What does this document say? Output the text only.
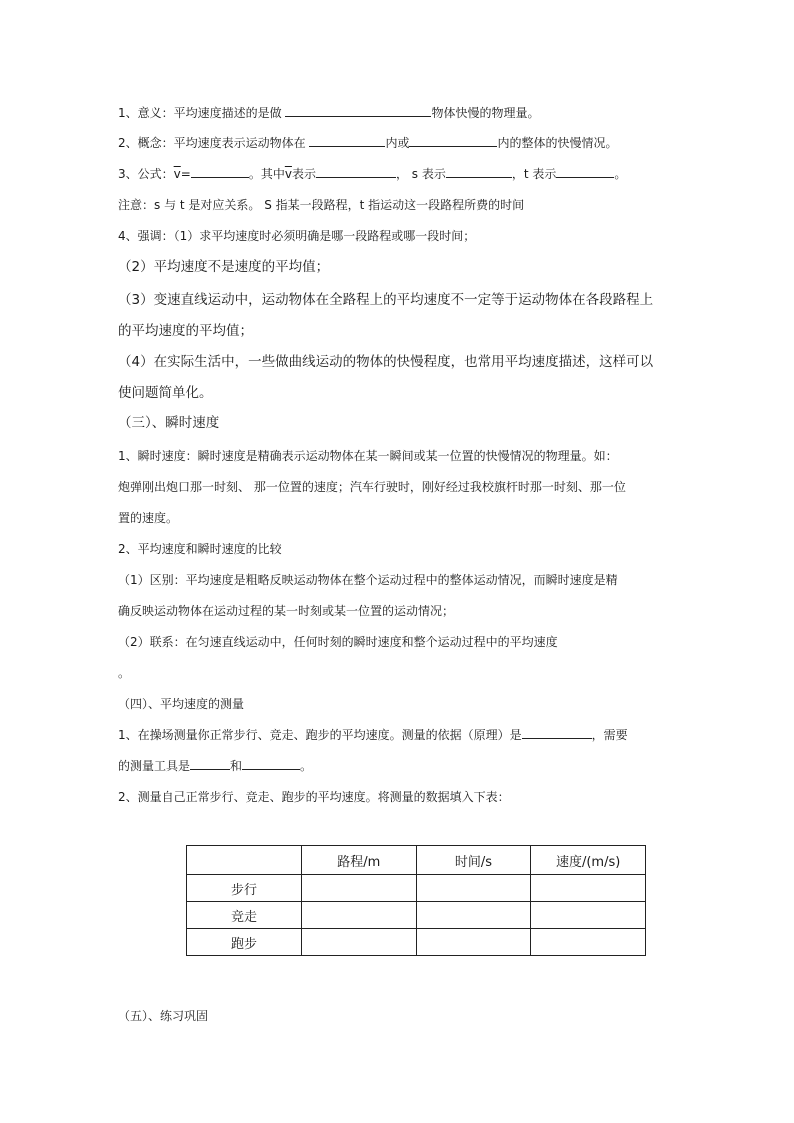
1、意义：平均速度描述的是做	物体快慢的物理量。
2、概念：平均速度表示运动物体在	内或	内的整体的快慢情况。
3、公式：$\overline{v}=$	。其中$\overline{v}$表示	， s 表示	，t 表示	。
注意：s 与 t 是对应关系。 S 指某一段路程，t 指运动这一段路程所费的时间
4、强调：（1）求平均速度时必须明确是哪一段路程或哪一段时间；
（2）平均速度不是速度的平均值；
（3）变速直线运动中，运动物体在全路程上的平均速度不一定等于运动物体在各段路程上
的平均速度的平均值；
（4）在实际生活中，一些做曲线运动的物体的快慢程度，也常用平均速度描述，这样可以
使问题简单化。
（三）、瞬时速度
1、瞬时速度：瞬时速度是精确表示运动物体在某一瞬间或某一位置的快慢情况的物理量。如：
炮弹刚出炮口那一时刻、 那一位置的速度；汽车行驶时，刚好经过我校旗杆时那一时刻、那一位
置的速度。
2、平均速度和瞬时速度的比较
（1）区别：平均速度是粗略反映运动物体在整个运动过程中的整体运动情况，而瞬时速度是精
确反映运动物体在运动过程的某一时刻或某一位置的运动情况；
（2）联系：在匀速直线运动中，任何时刻的瞬时速度和整个运动过程中的平均速度
。
（四）、平均速度的测量
1、在操场测量你正常步行、竞走、跑步的平均速度。测量的依据（原理）是	，需要
的测量工具是	和	。
2、测量自己正常步行、竞走、跑步的平均速度。将测量的数据填入下表：
	路程/m	时间/s	速度/(m/s)
步行			
竞走			
跑步			
（五）、练习巩固
